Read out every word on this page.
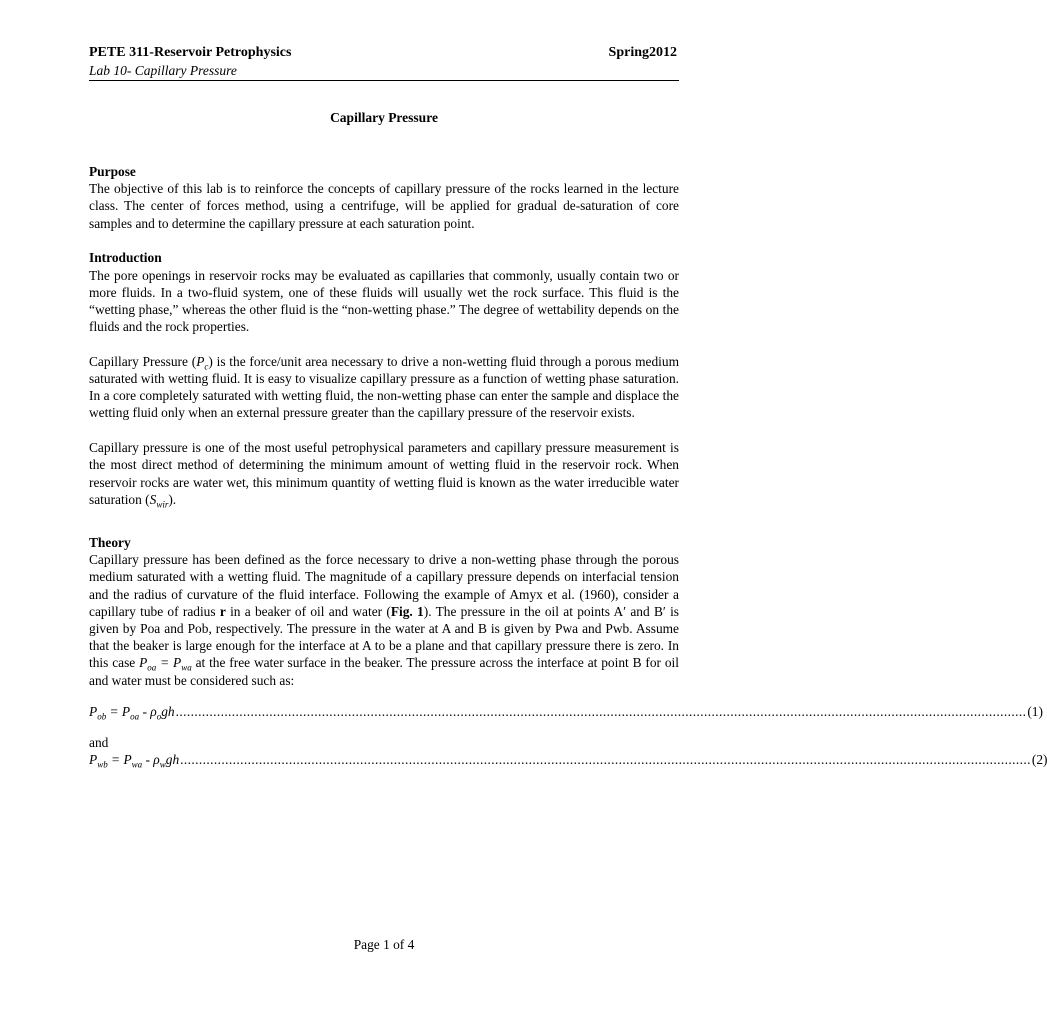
PETE 311-Reservoir Petrophysics	Spring2012
Lab 10- Capillary Pressure
Capillary Pressure
Purpose

The objective of this lab is to reinforce the concepts of capillary pressure of the rocks learned in the lecture class. The center of forces method, using a centrifuge, will be applied for gradual de-saturation of core samples and to determine the capillary pressure at each saturation point.

Introduction

The pore openings in reservoir rocks may be evaluated as capillaries that commonly, usually contain two or more fluids. In a two-fluid system, one of these fluids will usually wet the rock surface. This fluid is the “wetting phase,” whereas the other fluid is the “non-wetting phase.” The degree of wettability depends on the fluids and the rock properties.

Capillary Pressure $(P_c)$ is the force/unit area necessary to drive a non-wetting fluid through a porous medium saturated with wetting fluid. It is easy to visualize capillary pressure as a function of wetting phase saturation. In a core completely saturated with wetting fluid, the non-wetting phase can enter the sample and displace the wetting fluid only when an external pressure greater than the capillary pressure of the reservoir exists.

Capillary pressure is one of the most useful petrophysical parameters and capillary pressure measurement is the most direct method of determining the minimum amount of wetting fluid in the reservoir rock. When reservoir rocks are water wet, this minimum quantity of wetting fluid is known as the water irreducible water saturation $(S_{wir})$.

Theory

Capillary pressure has been defined as the force necessary to drive a non-wetting phase through the porous medium saturated with a wetting fluid. The magnitude of a capillary pressure depends on interfacial tension and the radius of curvature of the fluid interface. Following the example of Amyx et al. (1960), consider a capillary tube of radius r in a beaker of oil and water (Fig. 1). The pressure in the oil at points A′ and B′ is given by Poa and Pob, respectively. The pressure in the water at A and B is given by Pwa and Pwb. Assume that the beaker is large enough for the interface at A to be a plane and that capillary pressure there is zero. In this case $P_{oa} = P_{wa}$ at the free water surface in the beaker. The pressure across the interface at point B for oil and water must be considered such as:

$P_{ob} = P_{oa} - \rho_ogh$ ................................................................................................................................................................................................................................... (1)
and
$P_{wb} = P_{wa} - \rho_wgh$ ................................................................................................................................................................................................................................... (2)
Page 1 of 4
